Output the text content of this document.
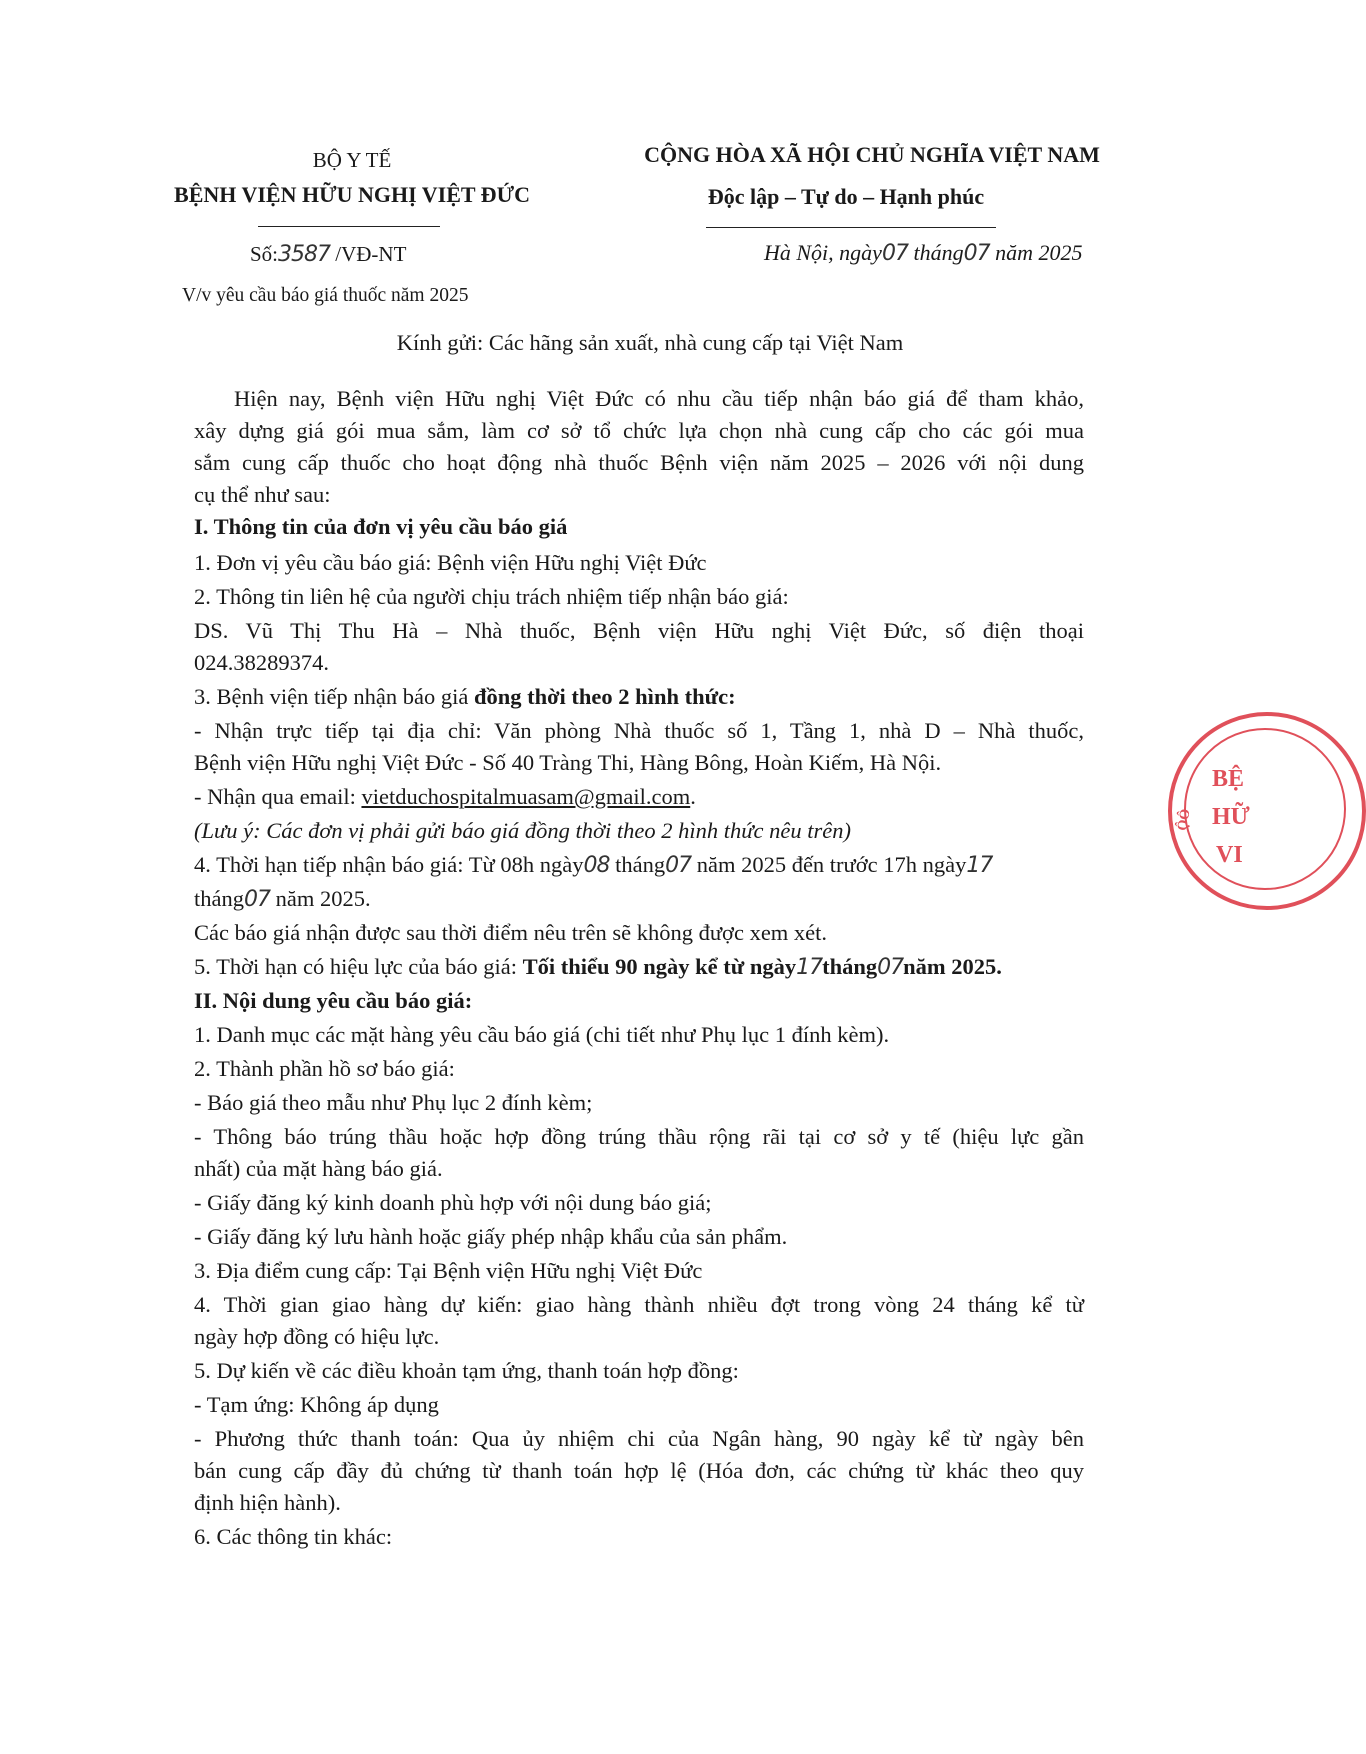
BỘ Y TẾ
BỆNH VIỆN HỮU NGHỊ VIỆT ĐỨC
Số:3587 /VĐ-NT
V/v yêu cầu báo giá thuốc năm 2025
CỘNG HÒA XÃ HỘI CHỦ NGHĨA VIỆT NAM
Độc lập – Tự do – Hạnh phúc
Hà Nội, ngày07 tháng07 năm 2025
Kính gửi: Các hãng sản xuất, nhà cung cấp tại Việt Nam
Hiện nay, Bệnh viện Hữu nghị Việt Đức có nhu cầu tiếp nhận báo giá để tham khảo,
xây dựng giá gói mua sắm, làm cơ sở tổ chức lựa chọn nhà cung cấp cho các gói mua
sắm cung cấp thuốc cho hoạt động nhà thuốc Bệnh viện năm 2025 – 2026 với nội dung
cụ thể như sau:
I. Thông tin của đơn vị yêu cầu báo giá
1. Đơn vị yêu cầu báo giá: Bệnh viện Hữu nghị Việt Đức
2. Thông tin liên hệ của người chịu trách nhiệm tiếp nhận báo giá:
DS. Vũ Thị Thu Hà – Nhà thuốc, Bệnh viện Hữu nghị Việt Đức, số điện thoại
024.38289374.
3. Bệnh viện tiếp nhận báo giá đồng thời theo 2 hình thức:
- Nhận trực tiếp tại địa chỉ: Văn phòng Nhà thuốc số 1, Tầng 1, nhà D – Nhà thuốc,
Bệnh viện Hữu nghị Việt Đức - Số 40 Tràng Thi, Hàng Bông, Hoàn Kiếm, Hà Nội.
- Nhận qua email: vietduchospitalmuasam@gmail.com.
(Lưu ý: Các đơn vị phải gửi báo giá đồng thời theo 2 hình thức nêu trên)
4. Thời hạn tiếp nhận báo giá: Từ 08h ngày08 tháng07 năm 2025 đến trước 17h ngày17
tháng07 năm 2025.
Các báo giá nhận được sau thời điểm nêu trên sẽ không được xem xét.
5. Thời hạn có hiệu lực của báo giá: Tối thiểu 90 ngày kể từ ngày17tháng07năm 2025.
II. Nội dung yêu cầu báo giá:
1. Danh mục các mặt hàng yêu cầu báo giá (chi tiết như Phụ lục 1 đính kèm).
2. Thành phần hồ sơ báo giá:
- Báo giá theo mẫu như Phụ lục 2 đính kèm;
- Thông báo trúng thầu hoặc hợp đồng trúng thầu rộng rãi tại cơ sở y tế (hiệu lực gần
nhất) của mặt hàng báo giá.
- Giấy đăng ký kinh doanh phù hợp với nội dung báo giá;
- Giấy đăng ký lưu hành hoặc giấy phép nhập khẩu của sản phẩm.
3. Địa điểm cung cấp: Tại Bệnh viện Hữu nghị Việt Đức
4. Thời gian giao hàng dự kiến: giao hàng thành nhiều đợt trong vòng 24 tháng kể từ
ngày hợp đồng có hiệu lực.
5. Dự kiến về các điều khoản tạm ứng, thanh toán hợp đồng:
- Tạm ứng: Không áp dụng
- Phương thức thanh toán: Qua ủy nhiệm chi của Ngân hàng, 90 ngày kể từ ngày bên
bán cung cấp đầy đủ chứng từ thanh toán hợp lệ (Hóa đơn, các chứng từ khác theo quy
định hiện hành).
6. Các thông tin khác:
BỆ
HỮ
VI
ỘÔ
